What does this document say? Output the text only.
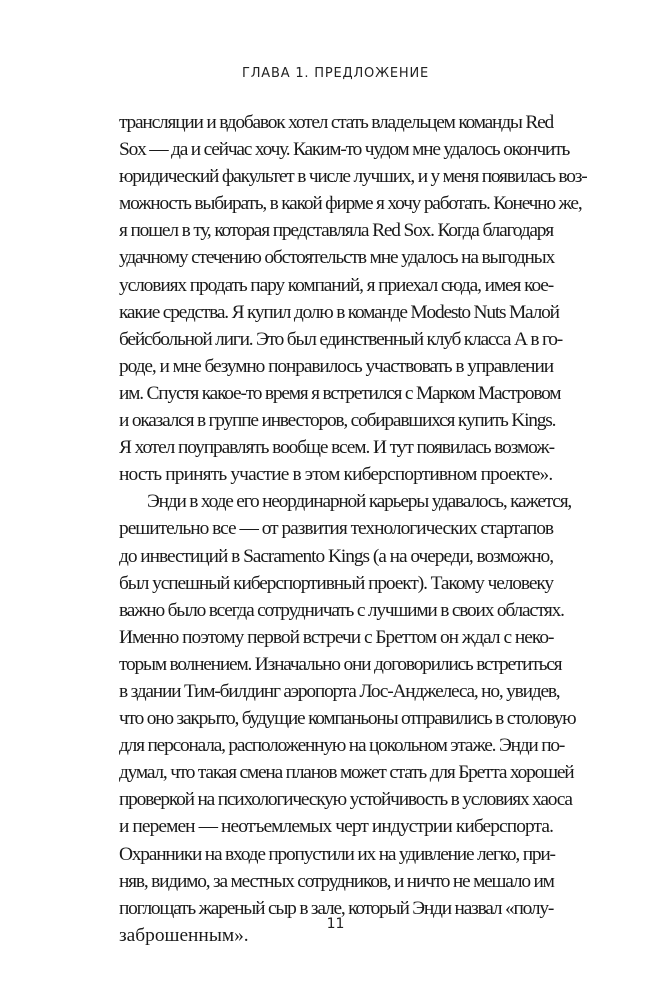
ГЛАВА 1. ПРЕДЛОЖЕНИЕ
трансляции и вдобавок хотел стать владельцем команды Red
Sox — да и сейчас хочу. Каким-то чудом мне удалось окончить
юридический факультет в числе лучших, и у меня появилась воз-
можность выбирать, в какой фирме я хочу работать. Конечно же,
я пошел в ту, которая представляла Red Sox. Когда благодаря
удачному стечению обстоятельств мне удалось на выгодных
условиях продать пару компаний, я приехал сюда, имея кое-
какие средства. Я купил долю в команде Modesto Nuts Малой
бейсбольной лиги. Это был единственный клуб класса А в го-
роде, и мне безумно понравилось участвовать в управлении
им. Спустя какое-то время я встретился с Марком Мастровом
и оказался в группе инвесторов, собиравшихся купить Kings.
Я хотел поуправлять вообще всем. И тут появилась возмож-
ность принять участие в этом киберспортивном проекте».
Энди в ходе его неординарной карьеры удавалось, кажется,
решительно все — от развития технологических стартапов
до инвестиций в Sacramento Kings (а на очереди, возможно,
был успешный киберспортивный проект). Такому человеку
важно было всегда сотрудничать с лучшими в своих областях.
Именно поэтому первой встречи с Бреттом он ждал с неко-
торым волнением. Изначально они договорились встретиться
в здании Тим-билдинг аэропорта Лос-Анджелеса, но, увидев,
что оно закрыто, будущие компаньоны отправились в столовую
для персонала, расположенную на цокольном этаже. Энди по-
думал, что такая смена планов может стать для Бретта хорошей
проверкой на психологическую устойчивость в условиях хаоса
и перемен — неотъемлемых черт индустрии киберспорта.
Охранники на входе пропустили их на удивление легко, при-
няв, видимо, за местных сотрудников, и ничто не мешало им
поглощать жареный сыр в зале, который Энди назвал «полу-
заброшенным».
11
